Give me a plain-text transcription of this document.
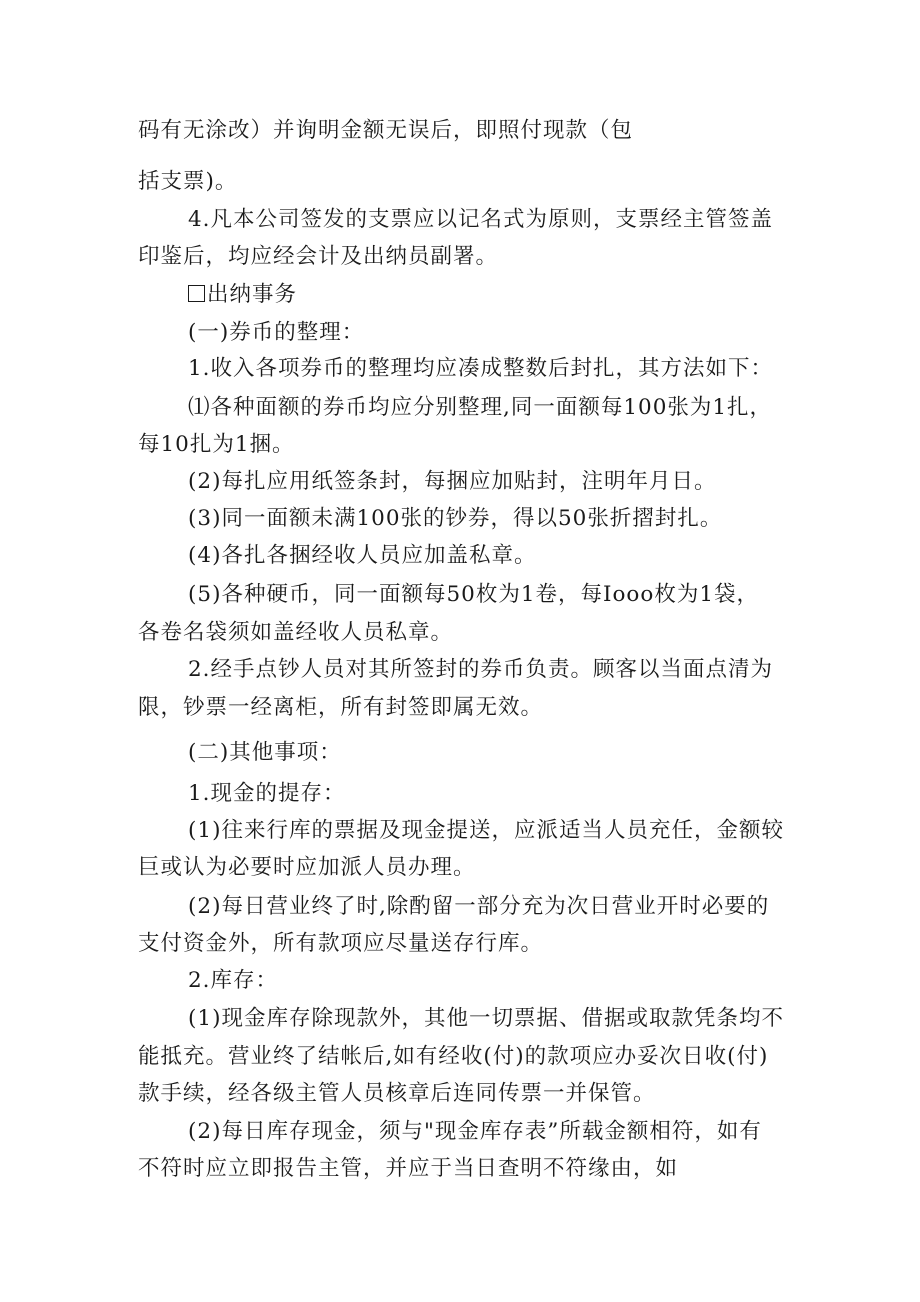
码有无涂改）并询明金额无误后，即照付现款（包
括支票)。
4.凡本公司签发的支票应以记名式为原则，支票经主管签盖
印鉴后，均应经会计及出纳员副署。
出纳事务
(一)券币的整理：
1.收入各项券币的整理均应凑成整数后封扎，其方法如下：
⑴各种面额的券币均应分别整理,同一面额每100张为1扎，
每10扎为1捆。
(2)每扎应用纸签条封，每捆应加贴封，注明年月日。
(3)同一面额未满100张的钞券，得以50张折摺封扎。
(4)各扎各捆经收人员应加盖私章。
(5)各种硬币，同一面额每50枚为1卷，每Iooo枚为1袋，
各卷名袋须如盖经收人员私章。
2.经手点钞人员对其所签封的券币负责。顾客以当面点清为
限，钞票一经离柜，所有封签即属无效。
(二)其他事项：
1.现金的提存：
(1)往来行库的票据及现金提送，应派适当人员充任，金额较
巨或认为必要时应加派人员办理。
(2)每日营业终了时,除酌留一部分充为次日营业开时必要的
支付资金外，所有款项应尽量送存行库。
2.库存：
(1)现金库存除现款外，其他一切票据、借据或取款凭条均不
能抵充。营业终了结帐后,如有经收(付)的款项应办妥次日收(付)
款手续，经各级主管人员核章后连同传票一并保管。
(2)每日库存现金，须与"现金库存表”所载金额相符，如有
不符时应立即报告主管，并应于当日查明不符缘由，如
